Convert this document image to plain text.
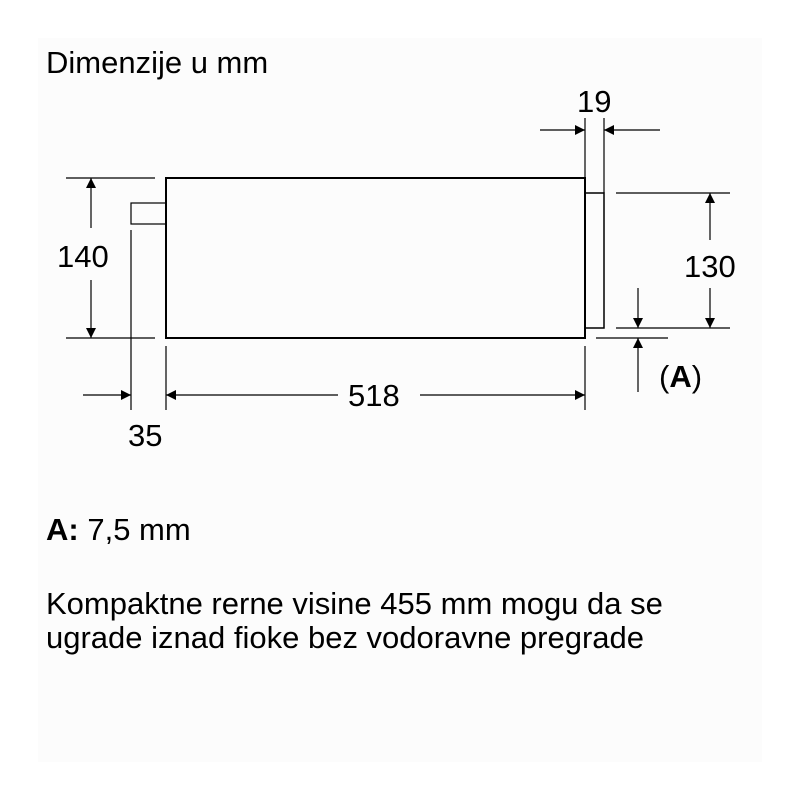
Dimenzije u mm
19
140	130
518
35
(A)
A: 7,5 mm
Kompaktne rerne visine 455 mm mogu da se
ugrade iznad fioke bez vodoravne pregrade
